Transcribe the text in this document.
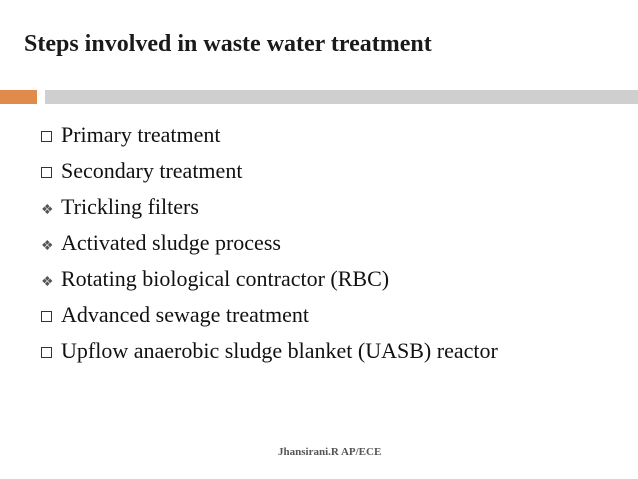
Steps involved in waste water treatment
Primary treatment
Secondary treatment
❖ Trickling filters
❖ Activated sludge process
❖ Rotating biological contractor (RBC)
Advanced sewage treatment
Upflow anaerobic sludge blanket (UASB) reactor
Jhansirani.R AP/ECE
